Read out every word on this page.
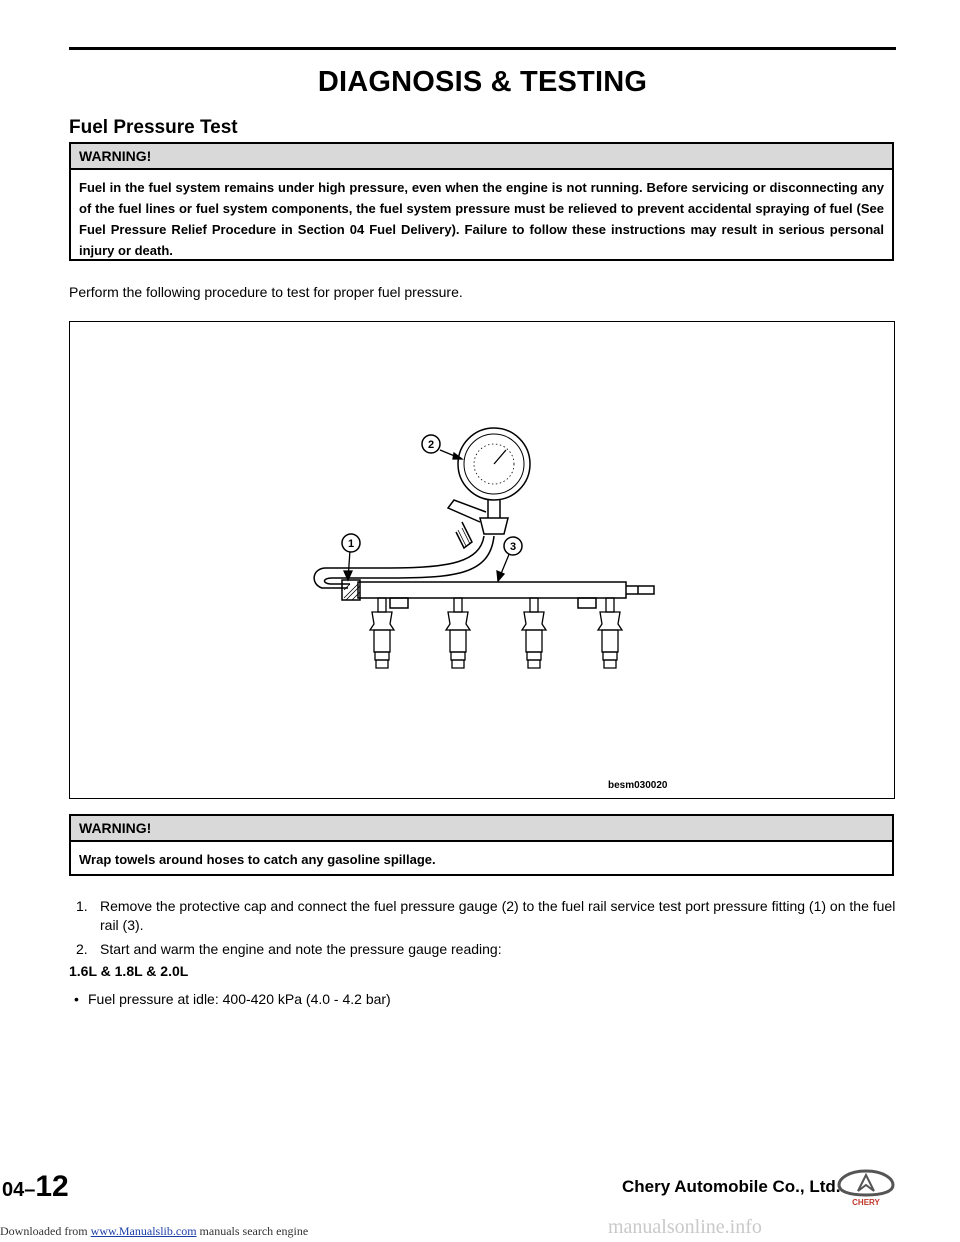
DIAGNOSIS & TESTING
Fuel Pressure Test
WARNING!
Fuel in the fuel system remains under high pressure, even when the engine is not running. Before servicing or disconnecting any of the fuel lines or fuel system components, the fuel system pressure must be relieved to prevent accidental spraying of fuel (See Fuel Pressure Relief Procedure in Section 04 Fuel Delivery). Failure to follow these instructions may result in serious personal injury or death.

Perform the following procedure to test for proper fuel pressure.

2
1	3
besm030020
WARNING!
Wrap towels around hoses to catch any gasoline spillage.
1. Remove the protective cap and connect the fuel pressure gauge (2) to the fuel rail service test port pressure fitting (1) on the fuel rail (3).
2. Start and warm the engine and note the pressure gauge reading:

1.6L & 1.8L & 2.0L

• Fuel pressure at idle: 400-420 kPa (4.0 - 4.2 bar)
04–12	Chery Automobile Co., Ltd.
CHERY
manualsonline.info
Downloaded from www.Manualslib.com manuals search engine
